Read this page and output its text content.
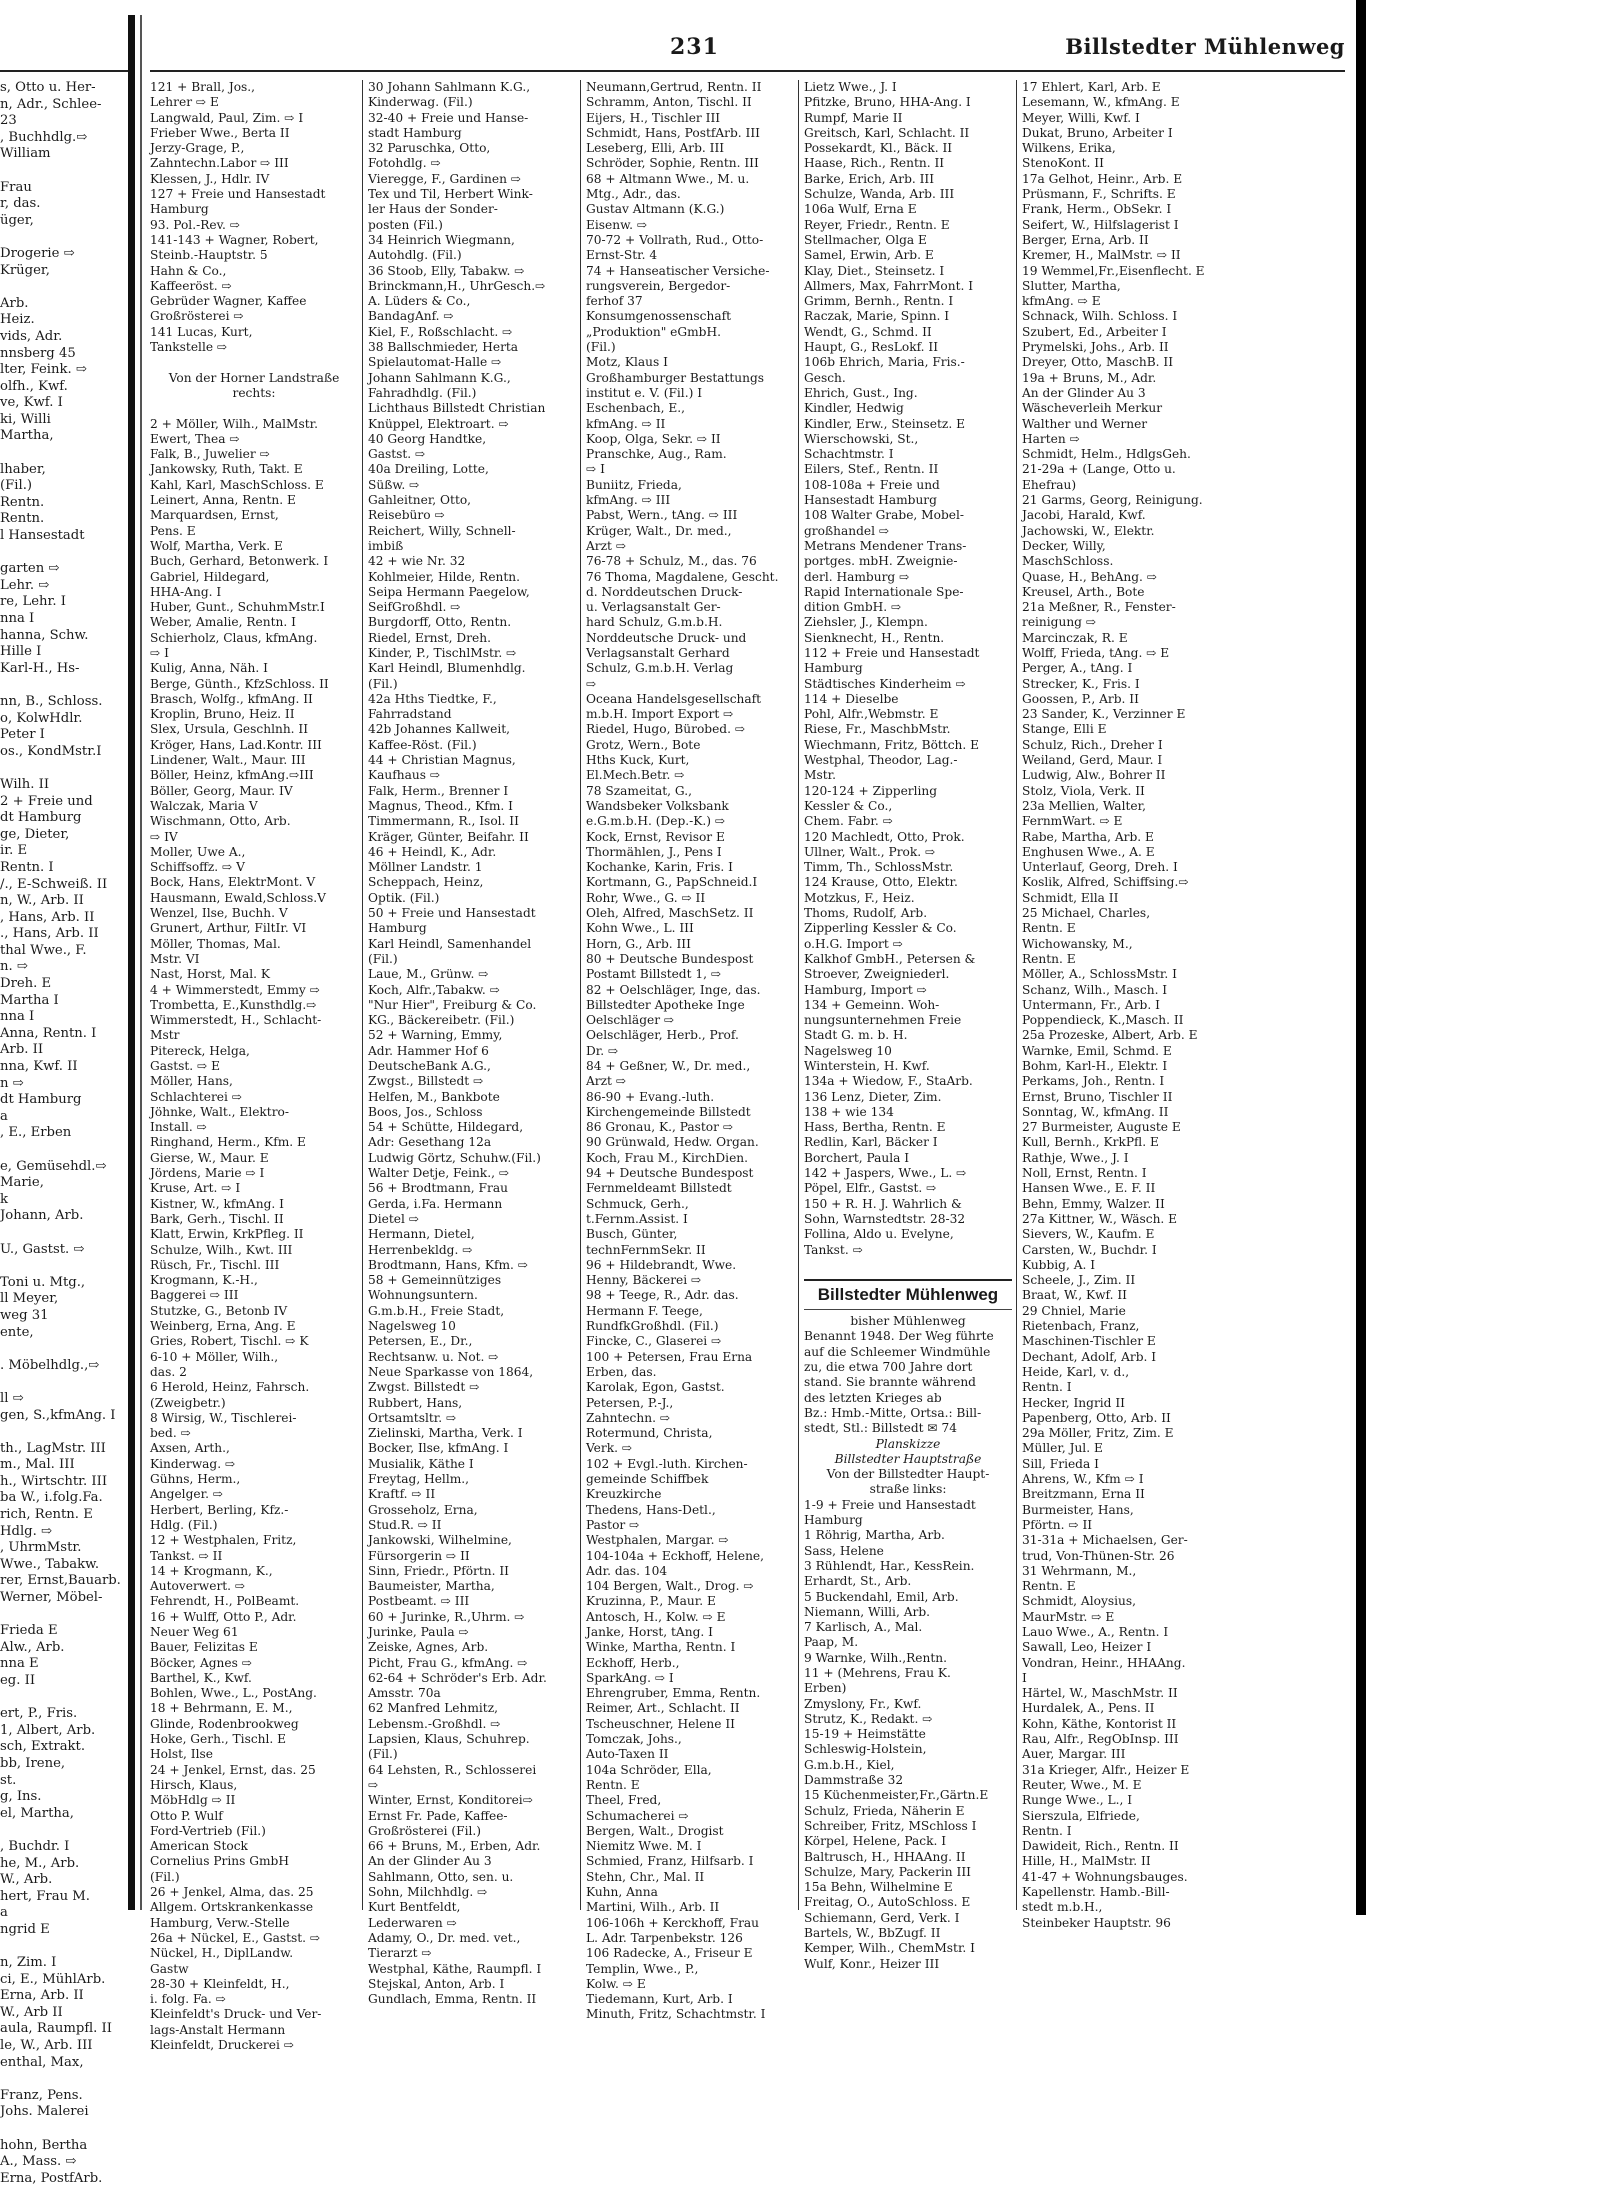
s, Otto u. Her-
n, Adr., Schlee-
23
, Buchhdlg.⇨
William

Frau
r, das.
üger,

Drogerie ⇨
Krüger,

Arb.
Heiz.
vids, Adr.
nnsberg 45
lter, Feink. ⇨
olfh., Kwf.
ve, Kwf. I
ki, Willi
Martha,

lhaber,
(Fil.)
Rentn.
Rentn.
l Hansestadt

garten ⇨
Lehr. ⇨
re, Lehr. I
nna I
hanna, Schw.
Hille I
Karl-H., Hs-

nn, B., Schloss.
o, KolwHdlr.
Peter I
os., KondMstr.I

Wilh. II
2 + Freie und
dt Hamburg
ge, Dieter,
ir. E
Rentn. I
/., E-Schweiß. II
n, W., Arb. II
, Hans, Arb. II
., Hans, Arb. II
thal Wwe., F.
n. ⇨
Dreh. E
Martha I
nna I
Anna, Rentn. I
Arb. II
nna, Kwf. II
n ⇨
dt Hamburg
a
, E., Erben

e, Gemüsehdl.⇨
Marie,
k
Johann, Arb.

U., Gastst. ⇨

Toni u. Mtg.,
ll Meyer,
weg 31
ente,

. Möbelhdlg.,⇨

ll ⇨
gen, S.,kfmAng. I

th., LagMstr. III
m., Mal. III
h., Wirtschtr. III
ba W., i.folg.Fa.
rich, Rentn. E
Hdlg. ⇨
, UhrmMstr.
Wwe., Tabakw.
rer, Ernst,Bauarb.
Werner, Möbel-

Frieda E
Alw., Arb.
nna E
eg. II

ert, P., Fris.
1, Albert, Arb.
sch, Extrakt.
bb, Irene,
st.
g, Ins.
el, Martha,

, Buchdr. I
he, M., Arb.
W., Arb.
hert, Frau M.
a
ngrid E

n, Zim. I
ci, E., MühlArb.
Erna, Arb. II
W., Arb II
aula, Raumpfl. II
le, W., Arb. III
enthal, Max,

Franz, Pens.
Johs. Malerei

hohn, Bertha
A., Mass. ⇨
Erna, PostfArb.
231	Billstedter Mühlenweg
121 + Brall, Jos.,
Lehrer ⇨ E
Langwald, Paul, Zim. ⇨ I
Frieber Wwe., Berta II
Jerzy-Grage, P.,
Zahntechn.Labor ⇨ III
Klessen, J., Hdlr. IV
127 + Freie und Hansestadt
Hamburg
93. Pol.-Rev. ⇨
141-143 + Wagner, Robert,
Steinb.-Hauptstr. 5
Hahn & Co.,
Kaffeeröst. ⇨
Gebrüder Wagner, Kaffee
Großrösterei ⇨
141 Lucas, Kurt,
Tankstelle ⇨

Von der Horner Landstraße
rechts:

2 + Möller, Wilh., MalMstr.
Ewert, Thea ⇨
Falk, B., Juwelier ⇨
Jankowsky, Ruth, Takt. E
Kahl, Karl, MaschSchloss. E
Leinert, Anna, Rentn. E
Marquardsen, Ernst,
Pens. E
Wolf, Martha, Verk. E
Buch, Gerhard, Betonwerk. I
Gabriel, Hildegard,
HHA-Ang. I
Huber, Gunt., SchuhmMstr.I
Weber, Amalie, Rentn. I
Schierholz, Claus, kfmAng.
⇨ I
Kulig, Anna, Näh. I
Berge, Günth., KfzSchloss. II
Brasch, Wolfg., kfmAng. II
Kroplin, Bruno, Heiz. II
Slex, Ursula, Geschlnh. II
Kröger, Hans, Lad.Kontr. III
Lindener, Walt., Maur. III
Böller, Heinz, kfmAng.⇨III
Böller, Georg, Maur. IV
Walczak, Maria V
Wischmann, Otto, Arb.
⇨ IV
Moller, Uwe A.,
Schiffsoffz. ⇨ V
Bock, Hans, ElektrMont. V
Hausmann, Ewald,Schloss.V
Wenzel, Ilse, Buchh. V
Grunert, Arthur, FiltIr. VI
Möller, Thomas, Mal.
Mstr. VI
Nast, Horst, Mal. K
4 + Wimmerstedt, Emmy ⇨
Trombetta, E.,Kunsthdlg.⇨
Wimmerstedt, H., Schlacht-
Mstr
Pitereck, Helga,
Gastst. ⇨ E
Möller, Hans,
Schlachterei ⇨
Jöhnke, Walt., Elektro-
Install. ⇨
Ringhand, Herm., Kfm. E
Gierse, W., Maur. E
Jördens, Marie ⇨ I
Kruse, Art. ⇨ I
Kistner, W., kfmAng. I
Bark, Gerh., Tischl. II
Klatt, Erwin, KrkPfleg. II
Schulze, Wilh., Kwt. III
Rüsch, Fr., Tischl. III
Krogmann, K.-H.,
Baggerei ⇨ III
Stutzke, G., Betonb IV
Weinberg, Erna, Ang. E
Gries, Robert, Tischl. ⇨ K
6-10 + Möller, Wilh.,
das. 2
6 Herold, Heinz, Fahrsch.
(Zweigbetr.)
8 Wirsig, W., Tischlerei-
bed. ⇨
Axsen, Arth.,
Kinderwag. ⇨
Gühns, Herm.,
Angelger. ⇨
Herbert, Berling, Kfz.-
Hdlg. (Fil.)
12 + Westphalen, Fritz,
Tankst. ⇨ II
14 + Krogmann, K.,
Autoverwert. ⇨
Fehrendt, H., PolBeamt.
16 + Wulff, Otto P., Adr.
Neuer Weg 61
Bauer, Felizitas E
Böcker, Agnes ⇨
Barthel, K., Kwf.
Bohlen, Wwe., L., PostAng.
18 + Behrmann, E. M.,
Glinde, Rodenbrookweg
Hoke, Gerh., Tischl. E
Holst, Ilse
24 + Jenkel, Ernst, das. 25
Hirsch, Klaus,
MöbHdlg ⇨ II
Otto P. Wulf
Ford-Vertrieb (Fil.)
American Stock
Cornelius Prins GmbH
(Fil.)
26 + Jenkel, Alma, das. 25
Allgem. Ortskrankenkasse
Hamburg, Verw.-Stelle
26a + Nückel, E., Gastst. ⇨
Nückel, H., DiplLandw.
Gastw
28-30 + Kleinfeldt, H.,
i. folg. Fa. ⇨
Kleinfeldt's Druck- und Ver-
lags-Anstalt Hermann
Kleinfeldt, Druckerei ⇨
30 Johann Sahlmann K.G.,
Kinderwag. (Fil.)
32-40 + Freie und Hanse-
stadt Hamburg
32 Paruschka, Otto,
Fotohdlg. ⇨
Vieregge, F., Gardinen ⇨
Tex und Til, Herbert Wink-
ler Haus der Sonder-
posten (Fil.)
34 Heinrich Wiegmann,
Autohdlg. (Fil.)
36 Stoob, Elly, Tabakw. ⇨
Brinckmann,H., UhrGesch.⇨
A. Lüders & Co.,
BandagAnf. ⇨
Kiel, F., Roßschlacht. ⇨
38 Ballschmieder, Herta
Spielautomat-Halle ⇨
Johann Sahlmann K.G.,
Fahradhdlg. (Fil.)
Lichthaus Billstedt Christian
Knüppel, Elektroart. ⇨
40 Georg Handtke,
Gastst. ⇨
40a Dreiling, Lotte,
Süßw. ⇨
Gahleitner, Otto,
Reisebüro ⇨
Reichert, Willy, Schnell-
imbiß
42 + wie Nr. 32
Kohlmeier, Hilde, Rentn.
Seipa Hermann Paegelow,
SeifGroßhdl. ⇨
Burgdorff, Otto, Rentn.
Riedel, Ernst, Dreh.
Kinder, P., TischlMstr. ⇨
Karl Heindl, Blumenhdlg.
(Fil.)
42a Hths Tiedtke, F.,
Fahrradstand
42b Johannes Kallweit,
Kaffee-Röst. (Fil.)
44 + Christian Magnus,
Kaufhaus ⇨
Falk, Herm., Brenner I
Magnus, Theod., Kfm. I
Timmermann, R., Isol. II
Kräger, Günter, Beifahr. II
46 + Heindl, K., Adr.
Möllner Landstr. 1
Scheppach, Heinz,
Optik. (Fil.)
50 + Freie und Hansestadt
Hamburg
Karl Heindl, Samenhandel
(Fil.)
Laue, M., Grünw. ⇨
Koch, Alfr.,Tabakw. ⇨
"Nur Hier", Freiburg & Co.
KG., Bäckereibetr. (Fil.)
52 + Warning, Emmy,
Adr. Hammer Hof 6
DeutscheBank A.G.,
Zwgst., Billstedt ⇨
Helfen, M., Bankbote
Boos, Jos., Schloss
54 + Schütte, Hildegard,
Adr: Gesethang 12a
Ludwig Görtz, Schuhw.(Fil.)
Walter Detje, Feink., ⇨
56 + Brodtmann, Frau
Gerda, i.Fa. Hermann
Dietel ⇨
Hermann, Dietel,
Herrenbekldg. ⇨
Brodtmann, Hans, Kfm. ⇨
58 + Gemeinnütziges
Wohnungsuntern.
G.m.b.H., Freie Stadt,
Nagelsweg 10
Petersen, E., Dr.,
Rechtsanw. u. Not. ⇨
Neue Sparkasse von 1864,
Zwgst. Billstedt ⇨
Rubbert, Hans,
Ortsamtsltr. ⇨
Zielinski, Martha, Verk. I
Bocker, Ilse, kfmAng. I
Musialik, Käthe I
Freytag, Hellm.,
Kraftf. ⇨ II
Grosseholz, Erna,
Stud.R. ⇨ II
Jankowski, Wilhelmine,
Fürsorgerin ⇨ II
Sinn, Friedr., Pförtn. II
Baumeister, Martha,
Postbeamt. ⇨ III
60 + Jurinke, R.,Uhrm. ⇨
Jurinke, Paula ⇨
Zeiske, Agnes, Arb.
Picht, Frau G., kfmAng. ⇨
62-64 + Schröder's Erb. Adr.
Amsstr. 70a
62 Manfred Lehmitz,
Lebensm.-Großhdl. ⇨
Lapsien, Klaus, Schuhrep.
(Fil.)
64 Lehsten, R., Schlosserei
⇨
Winter, Ernst, Konditorei⇨
Ernst Fr. Pade, Kaffee-
Großrösterei (Fil.)
66 + Bruns, M., Erben, Adr.
An der Glinder Au 3
Sahlmann, Otto, sen. u.
Sohn, Milchhdlg. ⇨
Kurt Bentfeldt,
Lederwaren ⇨
Adamy, O., Dr. med. vet.,
Tierarzt ⇨
Westphal, Käthe, Raumpfl. I
Stejskal, Anton, Arb. I
Gundlach, Emma, Rentn. II
Neumann,Gertrud, Rentn. II
Schramm, Anton, Tischl. II
Eijers, H., Tischler III
Schmidt, Hans, PostfArb. III
Leseberg, Elli, Arb. III
Schröder, Sophie, Rentn. III
68 + Altmann Wwe., M. u.
Mtg., Adr., das.
Gustav Altmann (K.G.)
Eisenw. ⇨
70-72 + Vollrath, Rud., Otto-
Ernst-Str. 4
74 + Hanseatischer Versiche-
rungsverein, Bergedor-
ferhof 37
Konsumgenossenschaft
„Produktion" eGmbH.
(Fil.)
Motz, Klaus I
Großhamburger Bestattungs
institut e. V. (Fil.) I
Eschenbach, E.,
kfmAng. ⇨ II
Koop, Olga, Sekr. ⇨ II
Pranschke, Aug., Ram.
⇨ I
Buniitz, Frieda,
kfmAng. ⇨ III
Pabst, Wern., tAng. ⇨ III
Krüger, Walt., Dr. med.,
Arzt ⇨
76-78 + Schulz, M., das. 76
76 Thoma, Magdalene, Gescht.
d. Norddeutschen Druck-
u. Verlagsanstalt Ger-
hard Schulz, G.m.b.H.
Norddeutsche Druck- und
Verlagsanstalt Gerhard
Schulz, G.m.b.H. Verlag
⇨
Oceana Handelsgesellschaft
m.b.H. Import Export ⇨
Riedel, Hugo, Bürobed. ⇨
Grotz, Wern., Bote
Hths Kuck, Kurt,
El.Mech.Betr. ⇨
78 Szameitat, G.,
Wandsbeker Volksbank
e.G.m.b.H. (Dep.-K.) ⇨
Kock, Ernst, Revisor E
Thormählen, J., Pens I
Kochanke, Karin, Fris. I
Kortmann, G., PapSchneid.I
Rohr, Wwe., G. ⇨ II
Oleh, Alfred, MaschSetz. II
Kohn Wwe., L. III
Horn, G., Arb. III
80 + Deutsche Bundespost
Postamt Billstedt 1, ⇨
82 + Oelschläger, Inge, das.
Billstedter Apotheke Inge
Oelschläger ⇨
Oelschläger, Herb., Prof.
Dr. ⇨
84 + Geßner, W., Dr. med.,
Arzt ⇨
86-90 + Evang.-luth.
Kirchengemeinde Billstedt
86 Gronau, K., Pastor ⇨
90 Grünwald, Hedw. Organ.
Koch, Frau M., KirchDien.
94 + Deutsche Bundespost
Fernmeldeamt Billstedt
Schmuck, Gerh.,
t.Fernm.Assist. I
Busch, Günter,
technFernmSekr. II
96 + Hildebrandt, Wwe.
Henny, Bäckerei ⇨
98 + Teege, R., Adr. das.
Hermann F. Teege,
RundfkGroßhdl. (Fil.)
Fincke, C., Glaserei ⇨
100 + Petersen, Frau Erna
Erben, das.
Karolak, Egon, Gastst.
Petersen, P.-J.,
Zahntechn. ⇨
Rotermund, Christa,
Verk. ⇨
102 + Evgl.-luth. Kirchen-
gemeinde Schiffbek
Kreuzkirche
Thedens, Hans-Detl.,
Pastor ⇨
Westphalen, Margar. ⇨
104-104a + Eckhoff, Helene,
Adr. das. 104
104 Bergen, Walt., Drog. ⇨
Kruzinna, P., Maur. E
Antosch, H., Kolw. ⇨ E
Janke, Horst, tAng. I
Winke, Martha, Rentn. I
Eckhoff, Herb.,
SparkAng. ⇨ I
Ehrengruber, Emma, Rentn.
Reimer, Art., Schlacht. II
Tscheuschner, Helene II
Tomczak, Johs.,
Auto-Taxen II
104a Schröder, Ella,
Rentn. E
Theel, Fred,
Schumacherei ⇨
Bergen, Walt., Drogist
Niemitz Wwe. M. I
Schmied, Franz, Hilfsarb. I
Stehn, Chr., Mal. II
Kuhn, Anna
Martini, Wilh., Arb. II
106-106h + Kerckhoff, Frau
L. Adr. Tarpenbekstr. 126
106 Radecke, A., Friseur E
Templin, Wwe., P.,
Kolw. ⇨ E
Tiedemann, Kurt, Arb. I
Minuth, Fritz, Schachtmstr. I
Lietz Wwe., J. I
Pfitzke, Bruno, HHA-Ang. I
Rumpf, Marie II
Greitsch, Karl, Schlacht. II
Possekardt, Kl., Bäck. II
Haase, Rich., Rentn. II
Barke, Erich, Arb. III
Schulze, Wanda, Arb. III
106a Wulf, Erna E
Reyer, Friedr., Rentn. E
Stellmacher, Olga E
Samel, Erwin, Arb. E
Klay, Diet., Steinsetz. I
Allmers, Max, FahrrMont. I
Grimm, Bernh., Rentn. I
Raczak, Marie, Spinn. I
Wendt, G., Schmd. II
Haupt, G., ResLokf. II
106b Ehrich, Maria, Fris.-
Gesch.
Ehrich, Gust., Ing.
Kindler, Hedwig
Kindler, Erw., Steinsetz. E
Wierschowski, St.,
Schachtmstr. I
Eilers, Stef., Rentn. II
108-108a + Freie und
Hansestadt Hamburg
108 Walter Grabe, Mobel-
großhandel ⇨
Metrans Mendener Trans-
portges. mbH. Zweignie-
derl. Hamburg ⇨
Rapid Internationale Spe-
dition GmbH. ⇨
Ziehsler, J., Klempn.
Sienknecht, H., Rentn.
112 + Freie und Hansestadt
Hamburg
Städtisches Kinderheim ⇨
114 + Dieselbe
Pohl, Alfr.,Webmstr. E
Riese, Fr., MaschbMstr.
Wiechmann, Fritz, Böttch. E
Westphal, Theodor, Lag.-
Mstr.
120-124 + Zipperling
Kessler & Co.,
Chem. Fabr. ⇨
120 Machledt, Otto, Prok.
Ullner, Walt., Prok. ⇨
Timm, Th., SchlossMstr.
124 Krause, Otto, Elektr.
Motzkus, F., Heiz.
Thoms, Rudolf, Arb.
Zipperling Kessler & Co.
o.H.G. Import ⇨
Kalkhof GmbH., Petersen &
Stroever, Zweigniederl.
Hamburg, Import ⇨
134 + Gemeinn. Woh-
nungsunternehmen Freie
Stadt G. m. b. H.
Nagelsweg 10
Winterstein, H. Kwf.
134a + Wiedow, F., StaArb.
136 Lenz, Dieter, Zim.
138 + wie 134
Hass, Bertha, Rentn. E
Redlin, Karl, Bäcker I
Borchert, Paula I
142 + Jaspers, Wwe., L. ⇨
Pöpel, Elfr., Gastst. ⇨
150 + R. H. J. Wahrlich &
Sohn, Warnstedtstr. 28-32
Follina, Aldo u. Evelyne,
Tankst. ⇨

Billstedter Mühlenweg
bisher Mühlenweg
Benannt 1948. Der Weg führte
auf die Schleemer Windmühle
zu, die etwa 700 Jahre dort
stand. Sie brannte während
des letzten Krieges ab
Bz.: Hmb.-Mitte, Ortsa.: Bill-
stedt, Stl.: Billstedt ✉ 74
Planskizze
Billstedter Hauptstraße
Von der Billstedter Haupt-
straße links:
1-9 + Freie und Hansestadt
Hamburg
1 Röhrig, Martha, Arb.
Sass, Helene
3 Rühlendt, Har., KessRein.
Erhardt, St., Arb.
5 Buckendahl, Emil, Arb.
Niemann, Willi, Arb.
7 Karlisch, A., Mal.
Paap, M.
9 Warnke, Wilh.,Rentn.
11 + (Mehrens, Frau K.
Erben)
Zmyslony, Fr., Kwf.
Strutz, K., Redakt. ⇨
15-19 + Heimstätte
Schleswig-Holstein,
G.m.b.H., Kiel,
Dammstraße 32
15 Küchenmeister,Fr.,Gärtn.E
Schulz, Frieda, Näherin E
Schreiber, Fritz, MSchloss I
Körpel, Helene, Pack. I
Baltrusch, H., HHAAng. II
Schulze, Mary, Packerin III
15a Behn, Wilhelmine E
Freitag, O., AutoSchloss. E
Schiemann, Gerd, Verk. I
Bartels, W., BbZugf. II
Kemper, Wilh., ChemMstr. I
Wulf, Konr., Heizer III
17 Ehlert, Karl, Arb. E
Lesemann, W., kfmAng. E
Meyer, Willi, Kwf. I
Dukat, Bruno, Arbeiter I
Wilkens, Erika,
StenoKont. II
17a Gelhot, Heinr., Arb. E
Prüsmann, F., Schrifts. E
Frank, Herm., ObSekr. I
Seifert, W., Hilfslagerist I
Berger, Erna, Arb. II
Kremer, H., MalMstr. ⇨ II
19 Wemmel,Fr.,Eisenflecht. E
Slutter, Martha,
kfmAng. ⇨ E
Schnack, Wilh. Schloss. I
Szubert, Ed., Arbeiter I
Prymelski, Johs., Arb. II
Dreyer, Otto, MaschB. II
19a + Bruns, M., Adr.
An der Glinder Au 3
Wäscheverleih Merkur
Walther und Werner
Harten ⇨
Schmidt, Helm., HdlgsGeh.
21-29a + (Lange, Otto u.
Ehefrau)
21 Garms, Georg, Reinigung.
Jacobi, Harald, Kwf.
Jachowski, W., Elektr.
Decker, Willy,
MaschSchloss.
Quase, H., BehAng. ⇨
Kreusel, Arth., Bote
21a Meßner, R., Fenster-
reinigung ⇨
Marcinczak, R. E
Wolff, Frieda, tAng. ⇨ E
Perger, A., tAng. I
Strecker, K., Fris. I
Goossen, P., Arb. II
23 Sander, K., Verzinner E
Stange, Elli E
Schulz, Rich., Dreher I
Weiland, Gerd, Maur. I
Ludwig, Alw., Bohrer II
Stolz, Viola, Verk. II
23a Mellien, Walter,
FernmWart. ⇨ E
Rabe, Martha, Arb. E
Enghusen Wwe., A. E
Unterlauf, Georg, Dreh. I
Koslik, Alfred, Schiffsing.⇨
Schmidt, Ella II
25 Michael, Charles,
Rentn. E
Wichowansky, M.,
Rentn. E
Möller, A., SchlossMstr. I
Schanz, Wilh., Masch. I
Untermann, Fr., Arb. I
Poppendieck, K.,Masch. II
25a Prozeske, Albert, Arb. E
Warnke, Emil, Schmd. E
Bohm, Karl-H., Elektr. I
Perkams, Joh., Rentn. I
Ernst, Bruno, Tischler II
Sonntag, W., kfmAng. II
27 Burmeister, Auguste E
Kull, Bernh., KrkPfl. E
Rathje, Wwe., J. I
Noll, Ernst, Rentn. I
Hansen Wwe., E. F. II
Behn, Emmy, Walzer. II
27a Kittner, W., Wäsch. E
Sievers, W., Kaufm. E
Carsten, W., Buchdr. I
Kubbig, A. I
Scheele, J., Zim. II
Braat, W., Kwf. II
29 Chniel, Marie
Rietenbach, Franz,
Maschinen-Tischler E
Dechant, Adolf, Arb. I
Heide, Karl, v. d.,
Rentn. I
Hecker, Ingrid II
Papenberg, Otto, Arb. II
29a Möller, Fritz, Zim. E
Müller, Jul. E
Sill, Frieda I
Ahrens, W., Kfm ⇨ I
Breitzmann, Erna II
Burmeister, Hans,
Pförtn. ⇨ II
31-31a + Michaelsen, Ger-
trud, Von-Thünen-Str. 26
31 Wehrmann, M.,
Rentn. E
Schmidt, Aloysius,
MaurMstr. ⇨ E
Lauo Wwe., A., Rentn. I
Sawall, Leo, Heizer I
Vondran, Heinr., HHAAng.
I
Härtel, W., MaschMstr. II
Hurdalek, A., Pens. II
Kohn, Käthe, Kontorist II
Rau, Alfr., RegObInsp. III
Auer, Margar. III
31a Krieger, Alfr., Heizer E
Reuter, Wwe., M. E
Runge Wwe., L., I
Sierszula, Elfriede,
Rentn. I
Dawideit, Rich., Rentn. II
Hille, H., MalMstr. II
41-47 + Wohnungsbauges.
Kapellenstr. Hamb.-Bill-
stedt m.b.H.,
Steinbeker Hauptstr. 96
